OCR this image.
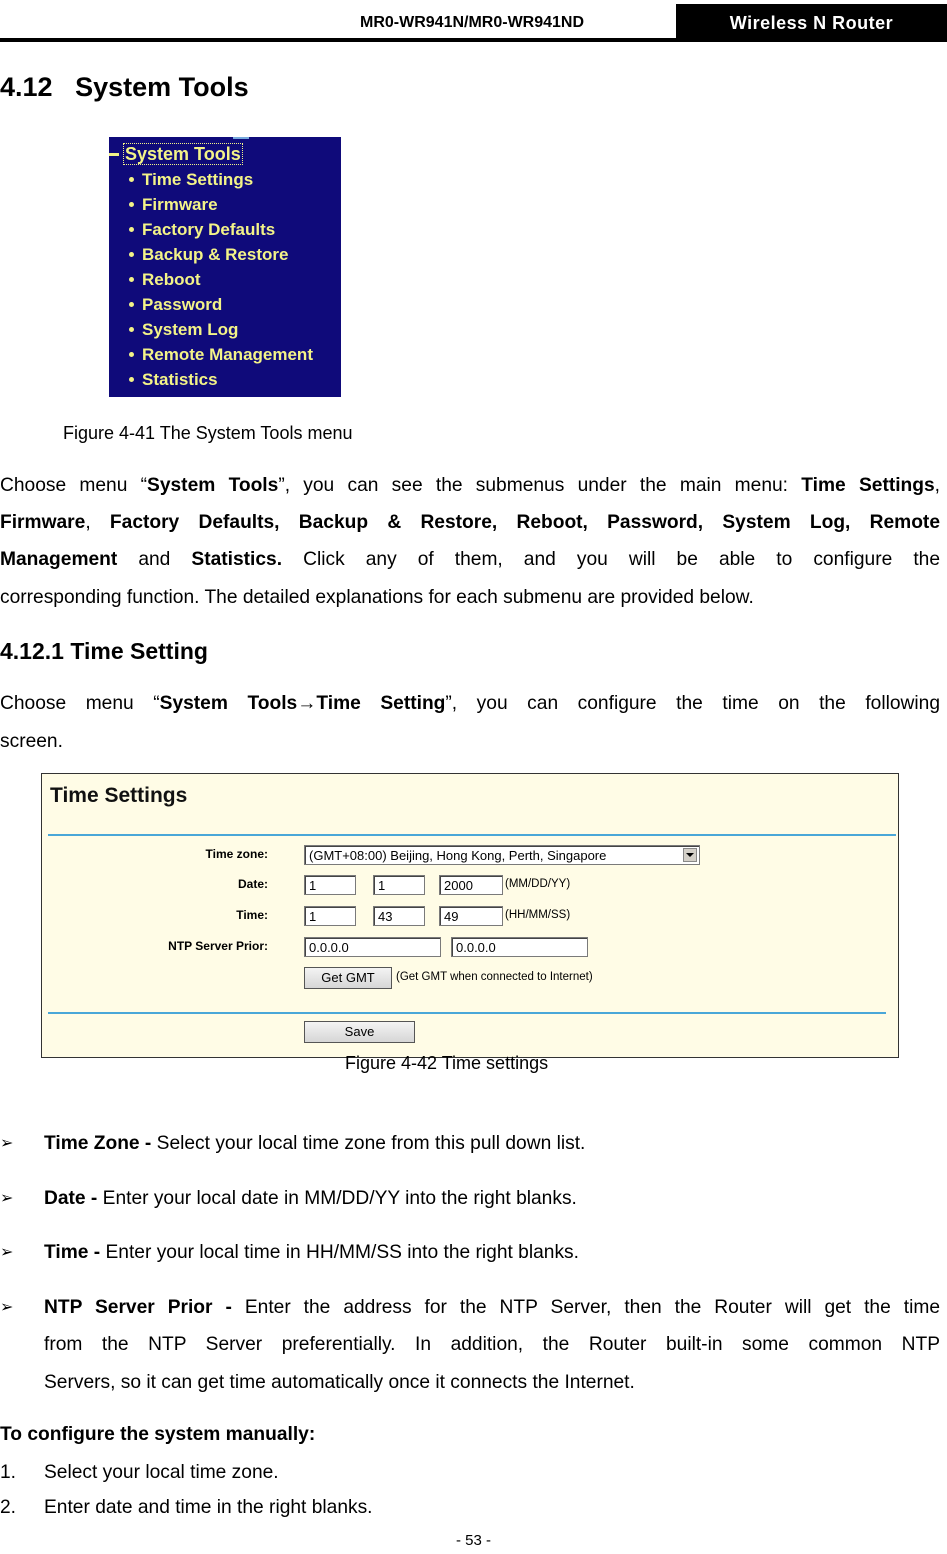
MR0-WR941N/MR0-WR941ND	Wireless N Router
4.12 System Tools
System Tools
Time Settings
Firmware
Factory Defaults
Backup & Restore
Reboot
Password
System Log
Remote Management
Statistics
Figure 4-41 The System Tools menu
Choose menu “System Tools”, you can see the submenus under the main menu: Time Settings,
Firmware, Factory Defaults, Backup & Restore, Reboot, Password, System Log, Remote
Management and Statistics. Click any of them, and you will be able to configure the
corresponding function. The detailed explanations for each submenu are provided below.
4.12.1 Time Setting
Choose menu “System Tools→Time Setting”, you can configure the time on the following
screen.
Time Settings
Time zone:	(GMT+08:00) Beijing, Hong Kong, Perth, Singapore
Date:	1	1	2000	(MM/DD/YY)
Time:	1	43	49	(HH/MM/SS)
NTP Server Prior:	0.0.0.0	0.0.0.0
Get GMT	(Get GMT when connected to Internet)
Save
Figure 4-42 Time settings
➢ Time Zone - Select your local time zone from this pull down list.
➢ Date - Enter your local date in MM/DD/YY into the right blanks.
➢ Time - Enter your local time in HH/MM/SS into the right blanks.
➢ NTP Server Prior - Enter the address for the NTP Server, then the Router will get the time
from the NTP Server preferentially. In addition, the Router built-in some common NTP
Servers, so it can get time automatically once it connects the Internet.
To configure the system manually:
1. Select your local time zone.
2. Enter date and time in the right blanks.
- 53 -
